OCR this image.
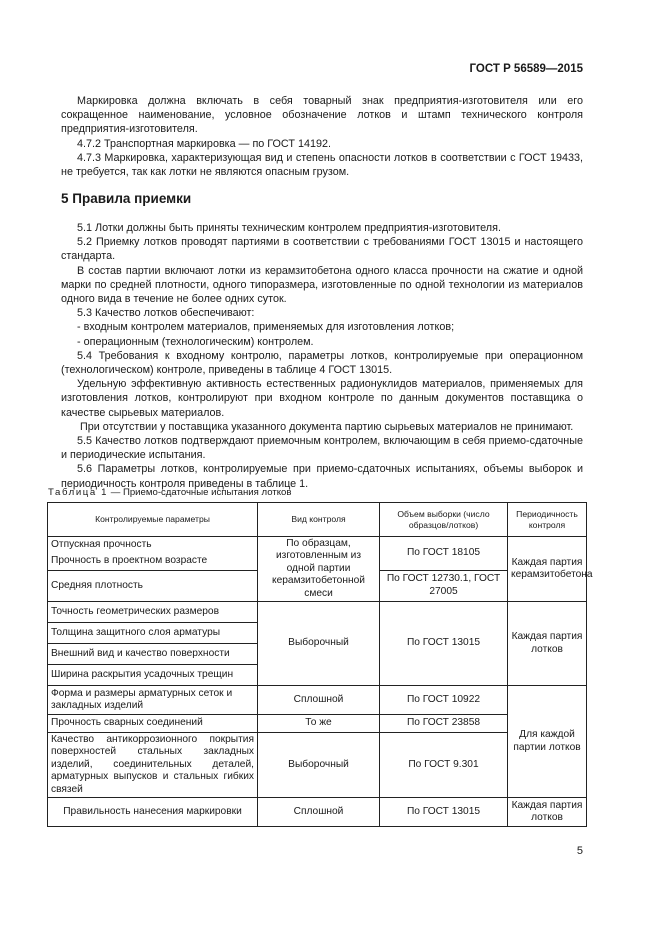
ГОСТ Р 56589—2015

Маркировка должна включать в себя товарный знак предприятия-изготовителя или его сокращенное наименование, условное обозначение лотков и штамп технического контроля предприятия-изготовителя.

4.7.2 Транспортная маркировка — по ГОСТ 14192.

4.7.3 Маркировка, характеризующая вид и степень опасности лотков в соответствии с ГОСТ 19433, не требуется, так как лотки не являются опасным грузом.

5 Правила приемки

5.1 Лотки должны быть приняты техническим контролем предприятия-изготовителя.

5.2 Приемку лотков проводят партиями в соответствии с требованиями ГОСТ 13015 и настоящего стандарта.

В состав партии включают лотки из керамзитобетона одного класса прочности на сжатие и одной марки по средней плотности, одного типоразмера, изготовленные по одной технологии из материалов одного вида в течение не более одних суток.

5.3 Качество лотков обеспечивают:

- входным контролем материалов, применяемых для изготовления лотков;

- операционным (технологическим) контролем.

5.4 Требования к входному контролю, параметры лотков, контролируемые при операционном (технологическом) контроле, приведены в таблице 4 ГОСТ 13015.

Удельную эффективную активность естественных радионуклидов материалов, применяемых для изготовления лотков, контролируют при входном контроле по данным документов поставщика о качестве сырьевых материалов.

При отсутствии у поставщика указанного документа партию сырьевых материалов не принимают.

5.5 Качество лотков подтверждают приемочным контролем, включающим в себя приемо-сдаточные и периодические испытания.

5.6 Параметры лотков, контролируемые при приемо-сдаточных испытаниях, объемы выборок и периодичность контроля приведены в таблице 1.

Таблица 1 — Приемо-сдаточные испытания лотков
Контролируемые параметры	Вид контроля	Объем выборки (число образцов/лотков)	Периодичность контроля
Отпускная прочность	По образцам, изготовленным из одной партии керамзитобетонной смеси	По ГОСТ 18105	Каждая партия керамзитобетона
Прочность в проектном возрасте			
Средняя плотность		По ГОСТ 12730.1, ГОСТ 27005	
Точность геометрических размеров	Выборочный	По ГОСТ 13015	Каждая партия лотков
Толщина защитного слоя арматуры			
Внешний вид и качество поверхности			
Ширина раскрытия усадочных трещин			
Форма и размеры арматурных сеток и закладных изделий	Сплошной	По ГОСТ 10922	Для каждой партии лотков
Прочность сварных соединений	То же	По ГОСТ 23858	
Качество антикоррозионного покрытия поверхностей стальных закладных изделий, соединительных деталей, арматурных выпусков и стальных гибких связей	Выборочный	По ГОСТ 9.301	
Правильность нанесения маркировки	Сплошной	По ГОСТ 13015	Каждая партия лотков
5
